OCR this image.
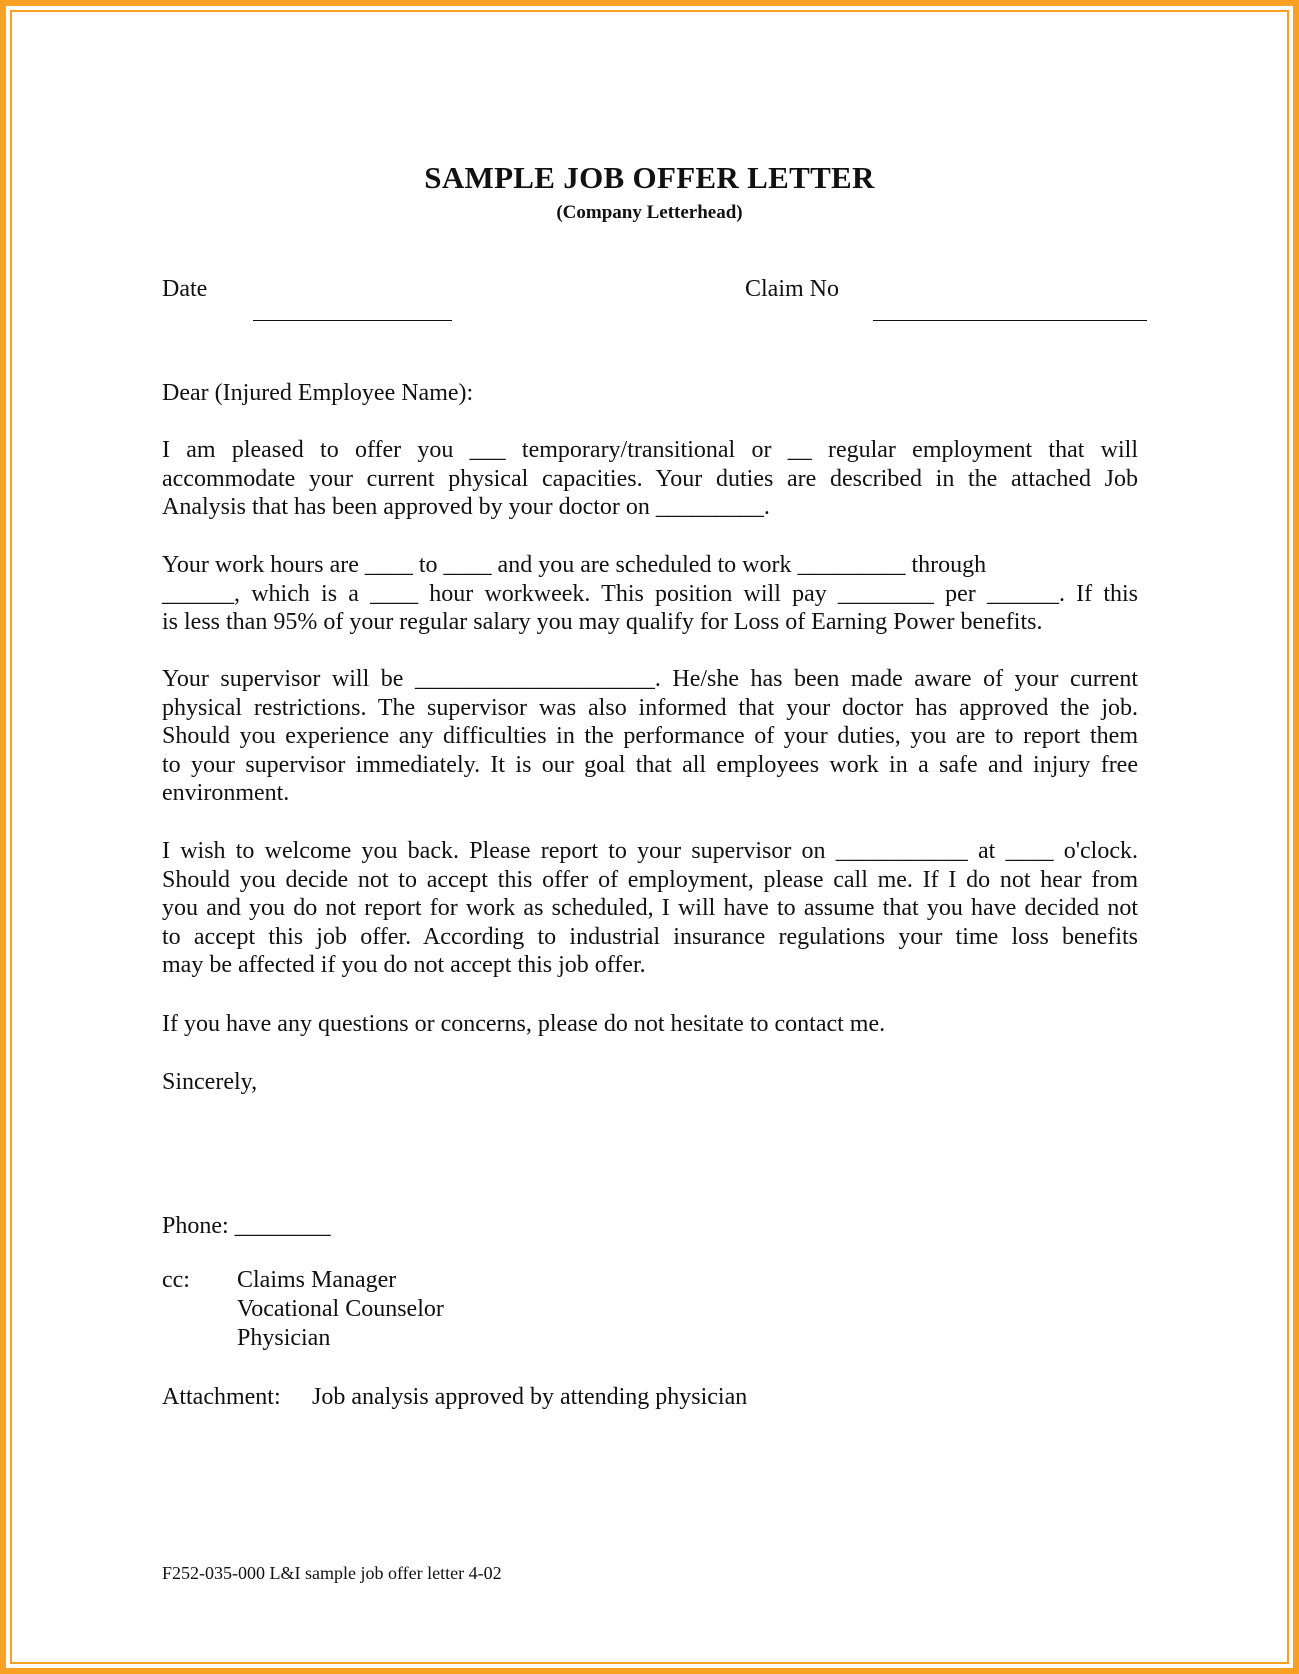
SAMPLE JOB OFFER LETTER
(Company Letterhead)
Date	Claim No
Dear (Injured Employee Name):
I am pleased to offer you ___ temporary/transitional or __ regular employment that will
accommodate your current physical capacities. Your duties are described in the attached Job
Analysis that has been approved by your doctor on _________.
Your work hours are ____ to ____ and you are scheduled to work _________ through
______, which is a ____ hour workweek. This position will pay ________ per ______. If this
is less than 95% of your regular salary you may qualify for Loss of Earning Power benefits.
Your supervisor will be ____________________. He/she has been made aware of your current
physical restrictions. The supervisor was also informed that your doctor has approved the job.
Should you experience any difficulties in the performance of your duties, you are to report them
to your supervisor immediately. It is our goal that all employees work in a safe and injury free
environment.
I wish to welcome you back. Please report to your supervisor on ___________ at ____ o'clock.
Should you decide not to accept this offer of employment, please call me. If I do not hear from
you and you do not report for work as scheduled, I will have to assume that you have decided not
to accept this job offer. According to industrial insurance regulations your time loss benefits
may be affected if you do not accept this job offer.
If you have any questions or concerns, please do not hesitate to contact me.
Sincerely,
Phone: ________
cc: Claims Manager
Vocational Counselor
Physician
Attachment: Job analysis approved by attending physician
F252-035-000 L&I sample job offer letter 4-02
